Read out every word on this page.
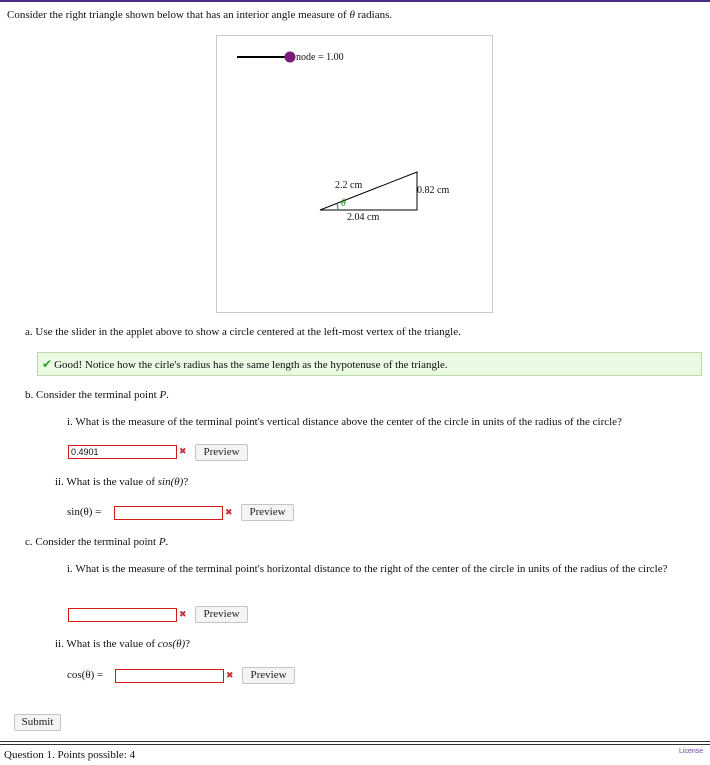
Consider the right triangle shown below that has an interior angle measure of θ radians.
node = 1.00
θ
2.2 cm	0.82 cm
2.04 cm
a. Use the slider in the applet above to show a circle centered at the left-most vertex of the triangle.
✔ Good! Notice how the cirle's radius has the same length as the hypotenuse of the triangle.
b. Consider the terminal point P.
i. What is the measure of the terminal point's vertical distance above the center of the circle in units of the radius of the circle?
0.4901	✖	Preview
ii. What is the value of sin(θ)?
sin(θ) =	✖	Preview
c. Consider the terminal point P.
i. What is the measure of the terminal point's horizontal distance to the right of the center of the circle in units of the radius of the circle?
✖	Preview
ii. What is the value of cos(θ)?
cos(θ) =	✖	Preview
Submit
Question 1. Points possible: 4	License
